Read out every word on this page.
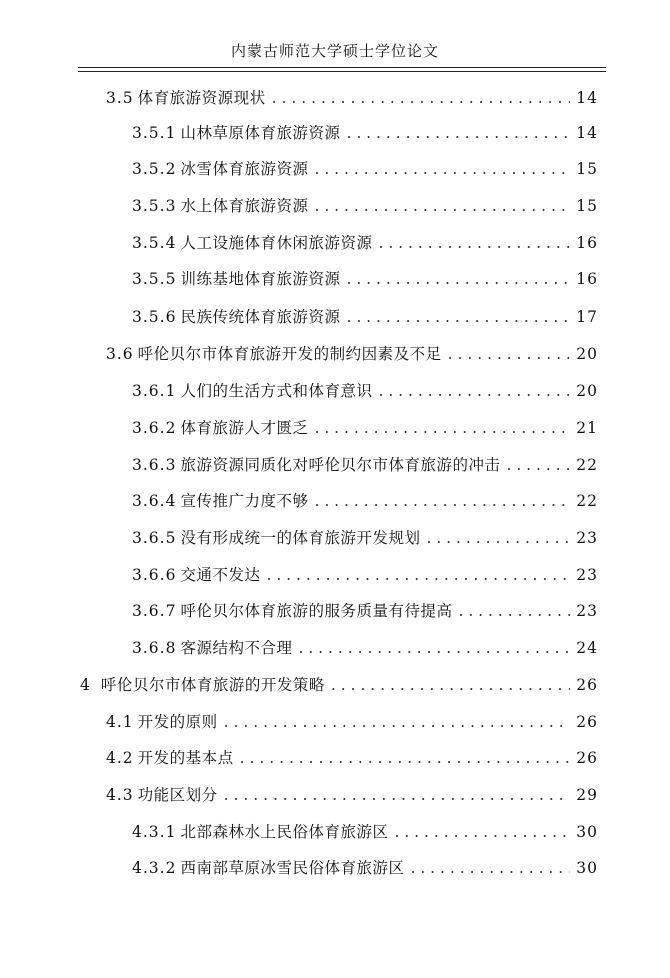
内蒙古师范大学硕士学位论文
3.5 体育旅游资源现状 . . .	14
3.5.1 山林草原体育旅游资源 . . .	14
3.5.2 冰雪体育旅游资源 . . .	15
3.5.3 水上体育旅游资源 . . .	15
3.5.4 人工设施体育休闲旅游资源 . . .	16
3.5.5 训练基地体育旅游资源 . . .	16
3.5.6 民族传统体育旅游资源 . . .	17
3.6 呼伦贝尔市体育旅游开发的制约因素及不足 . . .	20
3.6.1 人们的生活方式和体育意识 . . .	20
3.6.2 体育旅游人才匮乏 . . .	21
3.6.3 旅游资源同质化对呼伦贝尔市体育旅游的冲击 . . .	22
3.6.4 宣传推广力度不够 . . .	22
3.6.5 没有形成统一的体育旅游开发规划 . . .	23
3.6.6 交通不发达 . . .	23
3.6.7 呼伦贝尔体育旅游的服务质量有待提高 . . .	23
3.6.8 客源结构不合理 . . .	24
4 呼伦贝尔市体育旅游的开发策略 . . .	26
4.1 开发的原则 . . .	26
4.2 开发的基本点 . . .	26
4.3 功能区划分 . . .	29
4.3.1 北部森林水上民俗体育旅游区 . . .	30
4.3.2 西南部草原冰雪民俗体育旅游区 . . .	30
